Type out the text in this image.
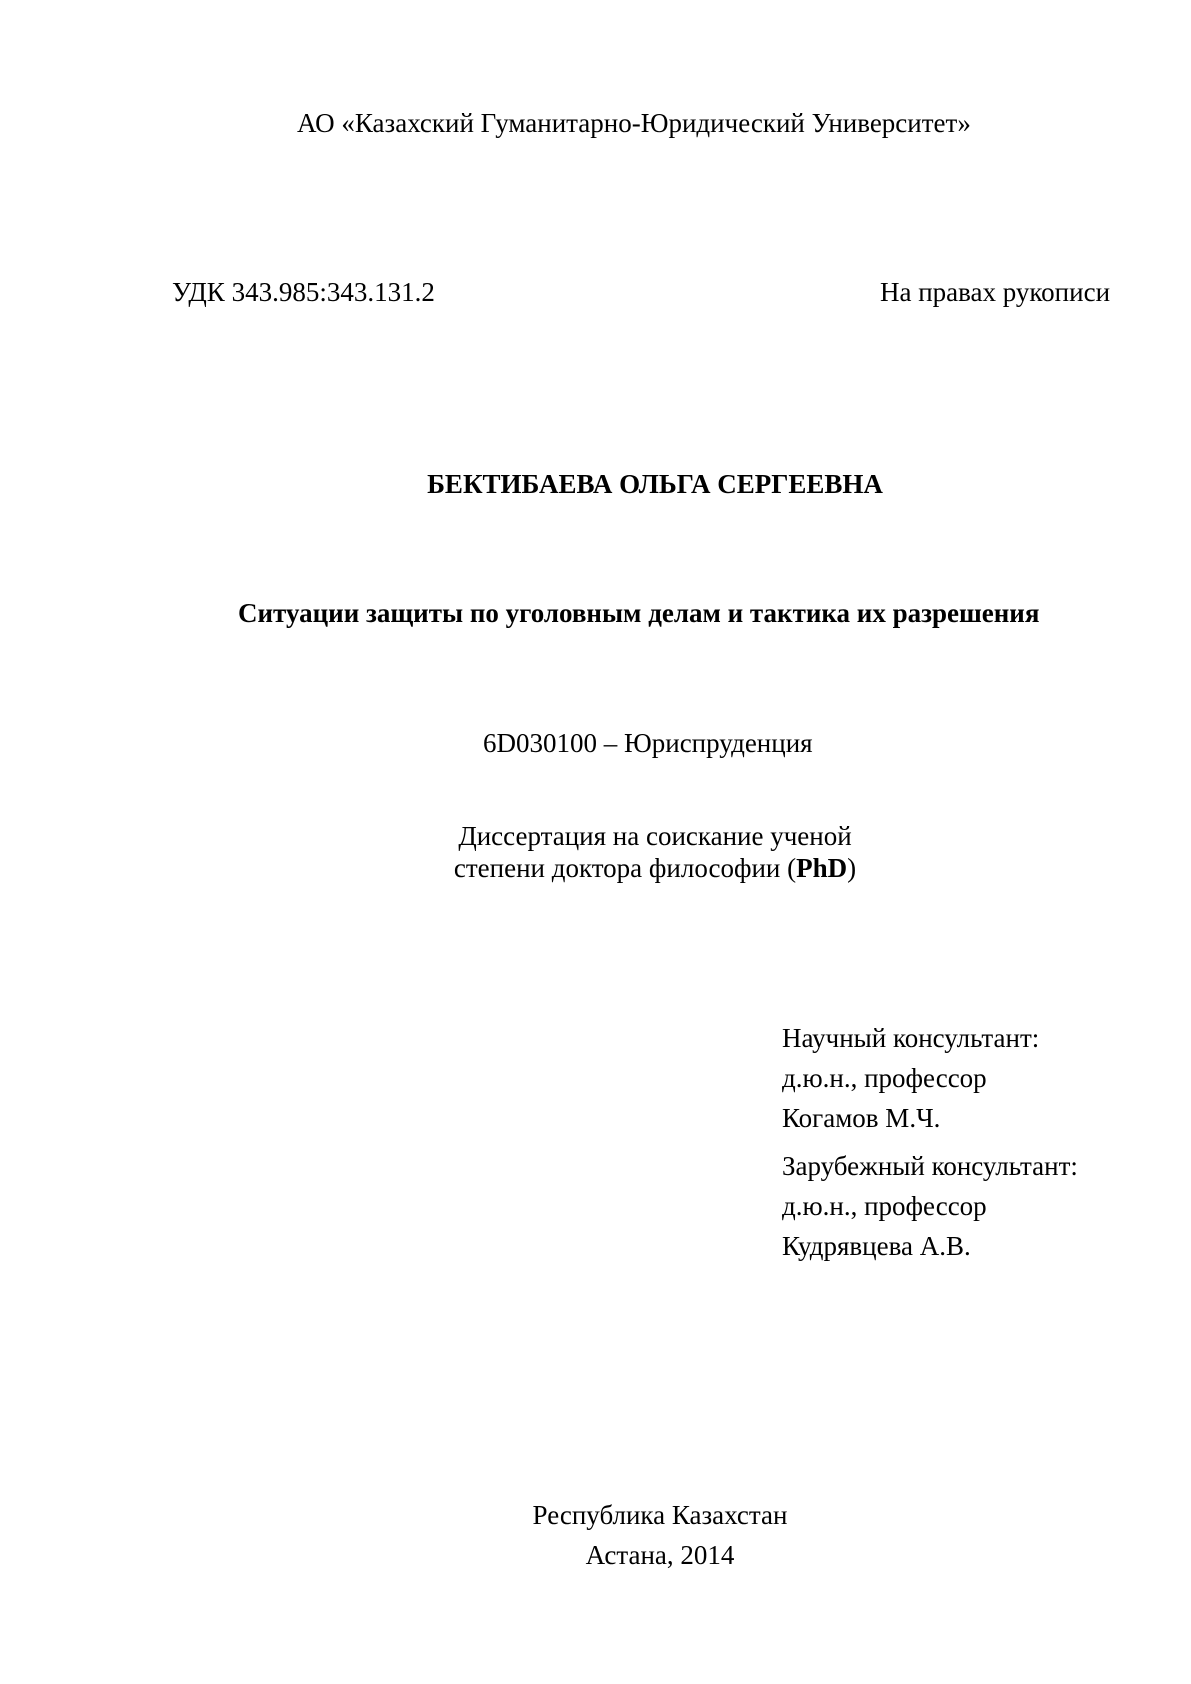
АО «Казахский Гуманитарно-Юридический Университет»
УДК 343.985:343.131.2	На правах рукописи
БЕКТИБАЕВА ОЛЬГА СЕРГЕЕВНА
Ситуации защиты по уголовным делам и тактика их разрешения
6D030100 – Юриспруденция
Диссертация на соискание ученой
степени доктора философии (PhD)
Научный консультант:
д.ю.н., профессор
Когамов М.Ч.
Зарубежный консультант:
д.ю.н., профессор
Кудрявцева А.В.
Республика Казахстан
Астана, 2014
